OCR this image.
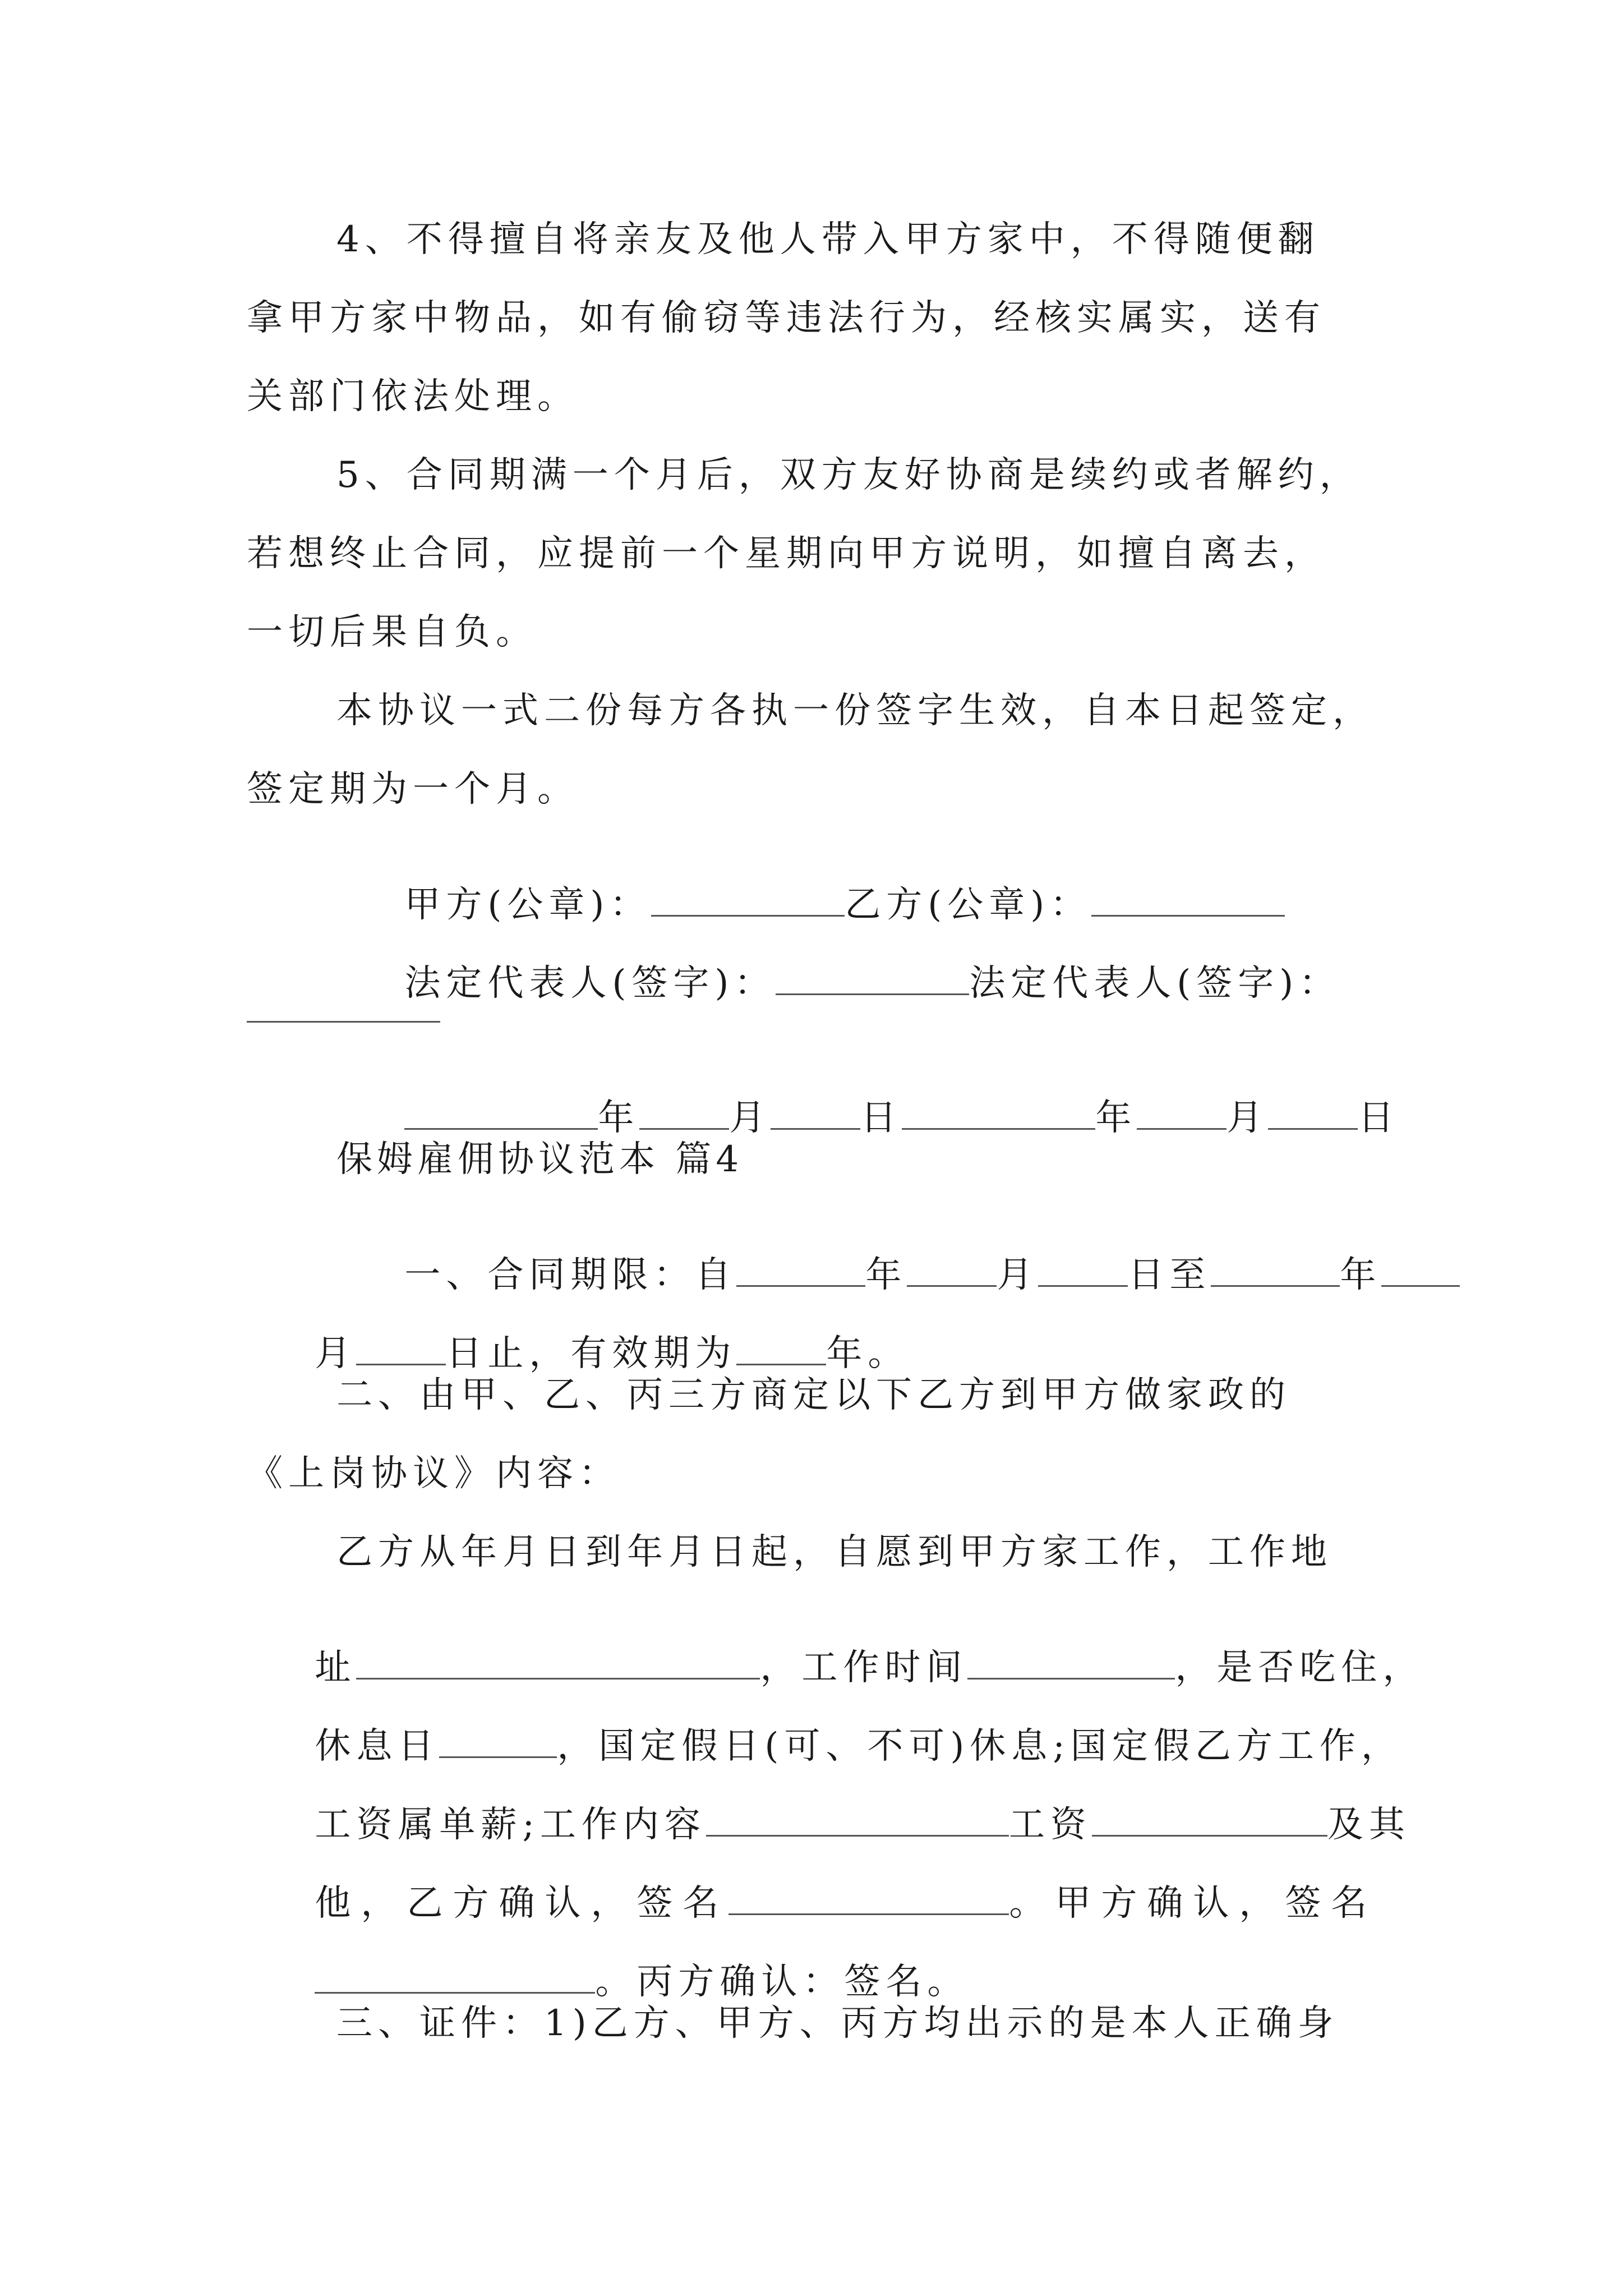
4、不得擅自将亲友及他人带入甲方家中，不得随便翻
拿甲方家中物品，如有偷窃等违法行为，经核实属实，送有
关部门依法处理。
5、合同期满一个月后，双方友好协商是续约或者解约，
若想终止合同，应提前一个星期向甲方说明，如擅自离去，
一切后果自负。
本协议一式二份每方各执一份签字生效，自本日起签定，
签定期为一个月。

甲方(公章)：	乙方(公章)：

法定代表人(签字)：	法定代表人(签字)：

年	月	日	年	月	日

保姆雇佣协议范本 篇4

一、合同期限：自	年	月	日至	年

月	日止，有效期为	年。

二、由甲、乙、丙三方商定以下乙方到甲方做家政的
《上岗协议》内容：
乙方从年月日到年月日起，自愿到甲方家工作，工作地

址	，工作时间	，是否吃住，

休息日	，国定假日(可、不可)休息;国定假乙方工作，

工资属单薪;工作内容	工资	及其

他，乙方确认，签名	。甲方确认，签名

。丙方确认：签名。

三、证件：1)乙方、甲方、丙方均出示的是本人正确身
